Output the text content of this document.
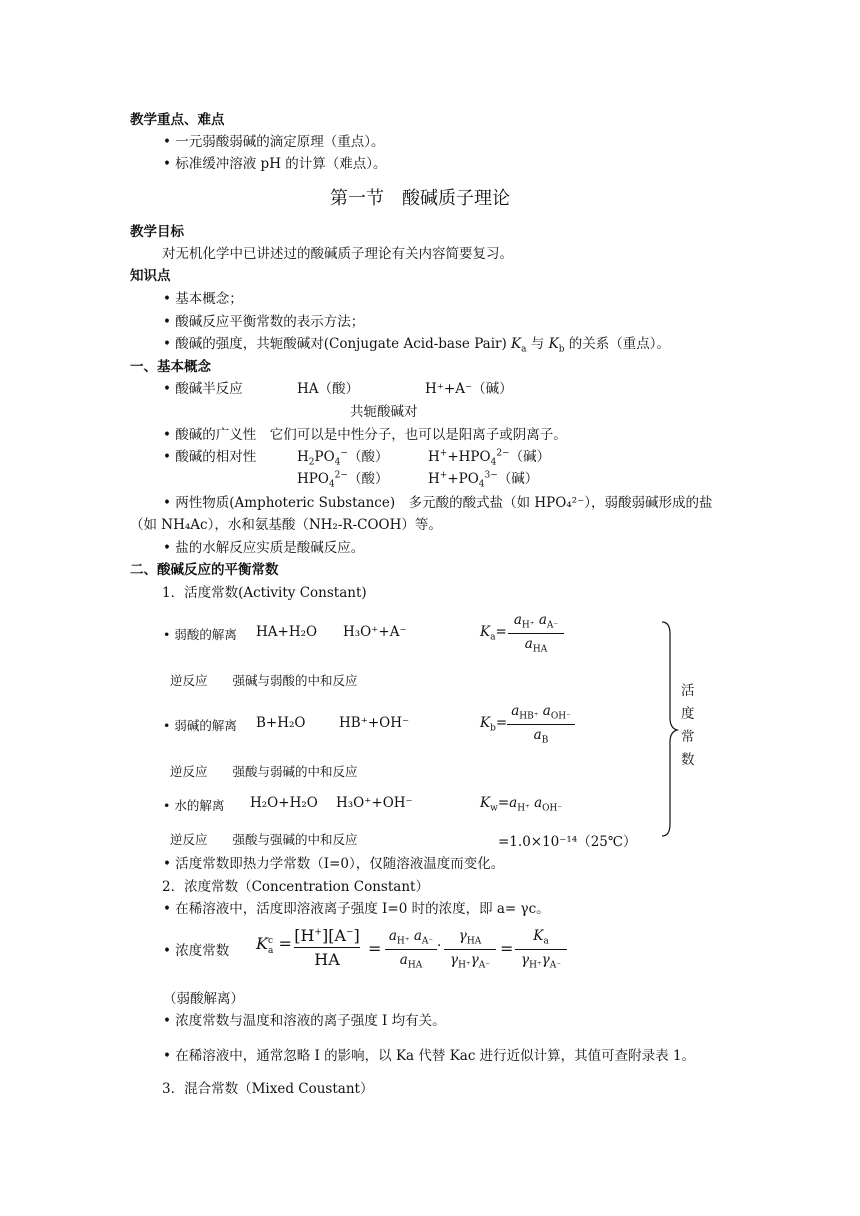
教学重点、难点
• 一元弱酸弱碱的滴定原理（重点）。
• 标准缓冲溶液 pH 的计算（难点）。
第一节　酸碱质子理论
教学目标
对无机化学中已讲述过的酸碱质子理论有关内容简要复习。
知识点
• 基本概念；
• 酸碱反应平衡常数的表示方法；
• 酸碱的强度，共轭酸碱对(Conjugate Acid-base Pair) $K_a$ 与 $K_b$ 的关系（重点）。
一、基本概念
• 酸碱半反应	HA（酸）	H⁺+A⁻（碱）
共轭酸碱对
• 酸碱的广义性　它们可以是中性分子，也可以是阳离子或阴离子。
• 酸碱的相对性	$H_2PO_4^-$（酸）	$H^++HPO_4^{2-}$（碱）
$HPO_4^{2-}$（酸）	$H^++PO_4^{3-}$（碱）
• 两性物质(Amphoteric Substance)　多元酸的酸式盐（如 HPO₄²⁻），弱酸弱碱形成的盐
（如 NH₄Ac），水和氨基酸（NH₂-R-COOH）等。
• 盐的水解反应实质是酸碱反应。
二、酸碱反应的平衡常数
1．活度常数(Activity Constant)
• 弱酸的解离 HA+H₂O H₃O⁺+A⁻	$K_a=$
$a_{H^+}$ $a_{A^-}$
$a_{HA}$
逆反应　　强碱与弱酸的中和反应
• 弱碱的解离 B+H₂O HB⁺+OH⁻	$K_b=$
$a_{HB^+}$ $a_{OH^-}$
$a_B$
逆反应　　强酸与弱碱的中和反应
• 水的解离 H₂O+H₂O H₃O⁺+OH⁻	$K_w=a_{H^+}$ $a_{OH^-}$
逆反应　　强酸与强碱的中和反应	=1.0×10⁻¹⁴（25℃）
活度常数
• 活度常数即热力学常数（I=0），仅随溶液温度而变化。
2．浓度常数（Concentration Constant）
• 在稀溶液中，活度即溶液离子强度 I=0 时的浓度，即 a= γc。
• 浓度常数 $K^c_a = [H^+][A^-]$
HA
=
$a_{H^+}$ $a_{A^-}$
$a_{HA}$
·
$\gamma_{HA}$
$\gamma_{H^+}\gamma_{A^-}$
=
$K_a$
$\gamma_{H^+}\gamma_{A^-}$
（弱酸解离）
• 浓度常数与温度和溶液的离子强度 I 均有关。
• 在稀溶液中，通常忽略 I 的影响，以 Ka 代替 Kac 进行近似计算，其值可查附录表 1。
3．混合常数（Mixed Coustant）
